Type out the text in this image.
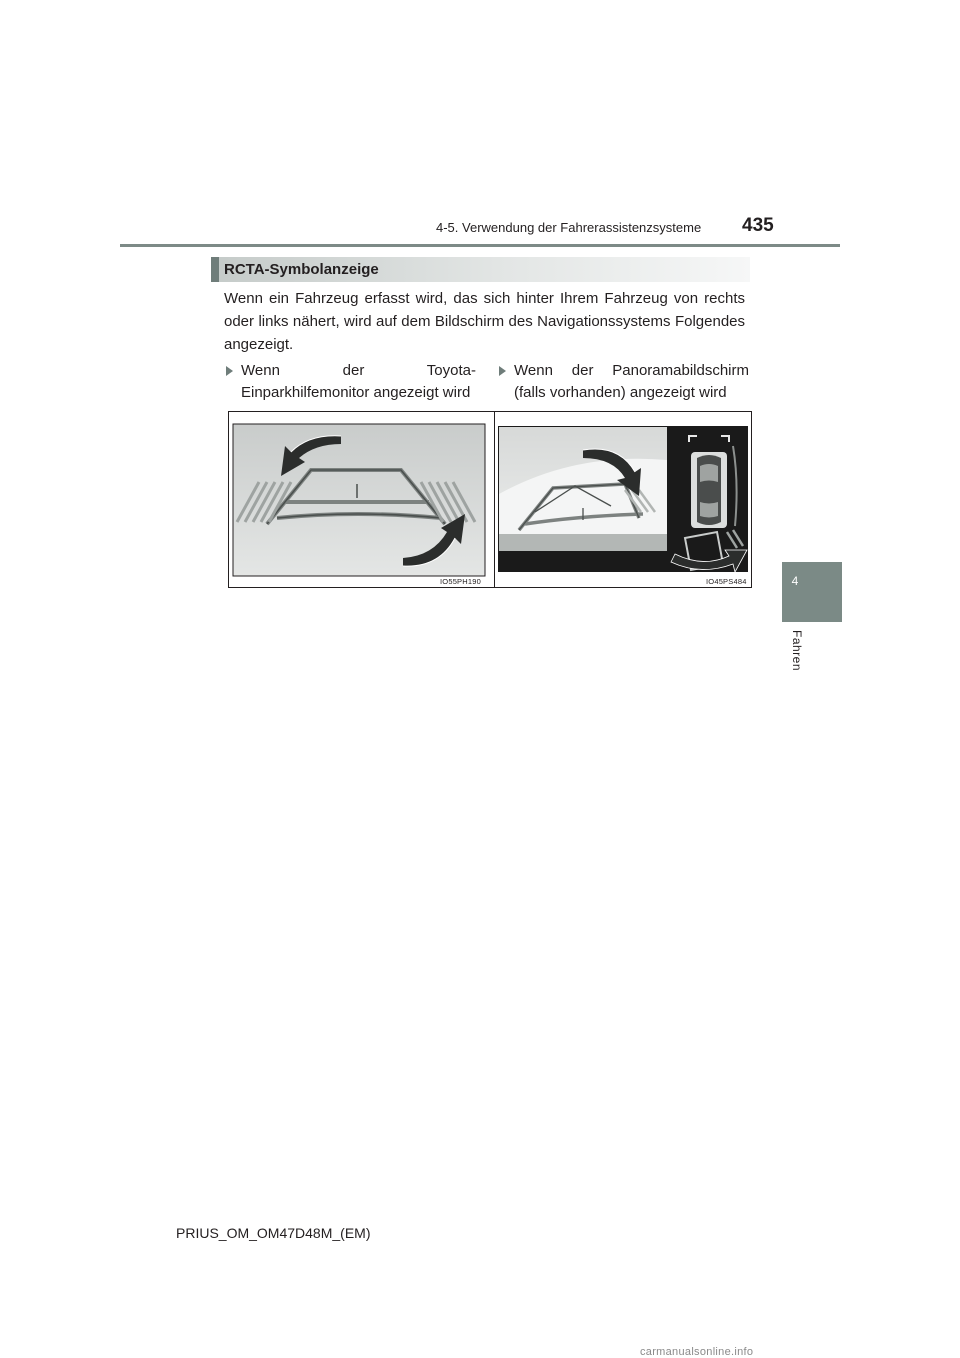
4-5. Verwendung der Fahrerassistenzsysteme	435
4
Fahren
RCTA-Symbolanzeige
Wenn ein Fahrzeug erfasst wird, das sich hinter Ihrem Fahrzeug von rechts oder links nähert, wird auf dem Bildschirm des Navigationssystems Folgendes angezeigt.
Wenn der Toyota-Einparkhilfemonitor angezeigt wird
Wenn der Panoramabildschirm (falls vorhanden) angezeigt wird
IO55PH190	IO45PS484
PRIUS_OM_OM47D48M_(EM)
carmanualsonline.info
